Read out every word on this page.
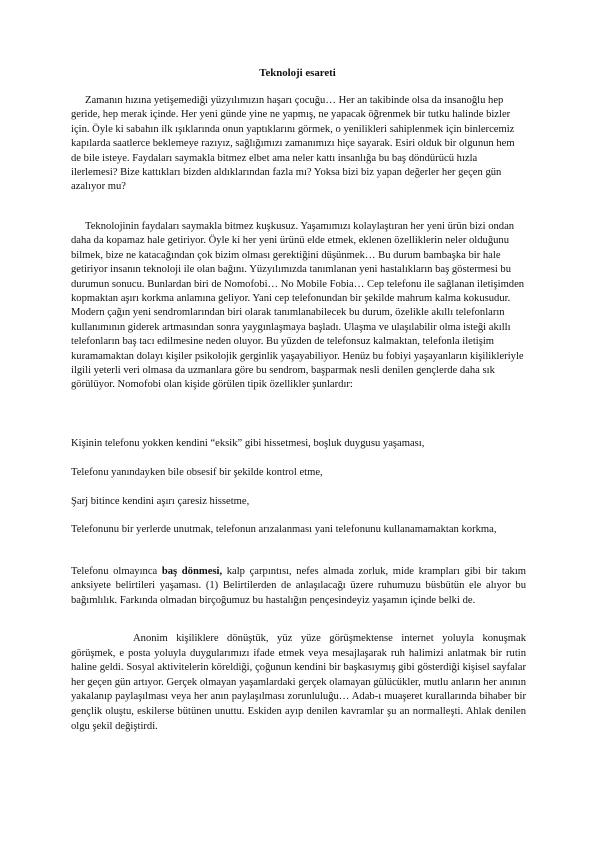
Teknoloji esareti

Zamanın hızına yetişemediği yüzyılımızın haşarı çocuğu… Her an takibinde olsa da insanoğlu hep geride, hep merak içinde. Her yeni günde yine ne yapmış, ne yapacak öğrenmek bir tutku halinde bizler için. Öyle ki sabahın ilk ışıklarında onun yaptıklarını görmek, o yenilikleri sahiplenmek için binlercemiz kapılarda saatlerce beklemeye razıyız, sağlığımızı zamanımızı hiçe sayarak. Esiri olduk bir olgunun hem de bile isteye. Faydaları saymakla bitmez elbet ama neler kattı insanlığa bu baş döndürücü hızla ilerlemesi? Bize kattıkları bizden aldıklarından fazla mı? Yoksa bizi biz yapan değerler her geçen gün azalıyor mu?

Teknolojinin faydaları saymakla bitmez kuşkusuz. Yaşamımızı kolaylaştıran her yeni ürün bizi ondan daha da kopamaz hale getiriyor. Öyle ki her yeni ürünü elde etmek, eklenen özelliklerin neler olduğunu bilmek, bize ne katacağından çok bizim olması gerektiğini düşünmek… Bu durum bambaşka bir hale getiriyor insanın teknoloji ile olan bağını. Yüzyılımızda tanımlanan yeni hastalıkların baş göstermesi bu durumun sonucu. Bunlardan biri de Nomofobi… No Mobile Fobia… Cep telefonu ile sağlanan iletişimden kopmaktan aşırı korkma anlamına geliyor. Yani cep telefonundan bir şekilde mahrum kalma kokusudur. Modern çağın yeni sendromlarından biri olarak tanımlanabilecek bu durum, özelikle akıllı telefonların kullanımının giderek artmasından sonra yaygınlaşmaya başladı. Ulaşma ve ulaşılabilir olma isteği akıllı telefonların baş tacı edilmesine neden oluyor. Bu yüzden de telefonsuz kalmaktan, telefonla iletişim kuramamaktan dolayı kişiler psikolojik gerginlik yaşayabiliyor. Henüz bu fobiyi yaşayanların kişilikleriyle ilgili yeterli veri olmasa da uzmanlara göre bu sendrom, başparmak nesli denilen gençlerde daha sık görülüyor. Nomofobi olan kişide görülen tipik özellikler şunlardır:

Kişinin telefonu yokken kendini “eksik” gibi hissetmesi, boşluk duygusu yaşaması,

Telefonu yanındayken bile obsesif bir şekilde kontrol etme,

Şarj bitince kendini aşırı çaresiz hissetme,

Telefonunu bir yerlerde unutmak, telefonun arızalanması yani telefonunu kullanamamaktan korkma,

Telefonu olmayınca baş dönmesi, kalp çarpıntısı, nefes almada zorluk, mide krampları gibi bir takım anksiyete belirtileri yaşaması. (1) Belirtilerden de anlaşılacağı üzere ruhumuzu büsbütün ele alıyor bu bağımlılık. Farkında olmadan birçoğumuz bu hastalığın pençesindeyiz yaşamın içinde belki de.

Anonim kişiliklere dönüştük, yüz yüze görüşmektense internet yoluyla konuşmak görüşmek, e posta yoluyla duygularımızı ifade etmek veya mesajlaşarak ruh halimizi anlatmak bir rutin haline geldi. Sosyal aktivitelerin köreldiği, çoğunun kendini bir başkasıymış gibi gösterdiği kişisel sayfalar her geçen gün artıyor. Gerçek olmayan yaşamlardaki gerçek olamayan gülücükler, mutlu anların her anının yakalanıp paylaşılması veya her anın paylaşılması zorunluluğu… Adab-ı muaşeret kurallarında bihaber bir gençlik oluştu, eskilerse bütünen unuttu. Eskiden ayıp denilen kavramlar şu an normalleşti. Ahlak denilen olgu şekil değiştirdi.
